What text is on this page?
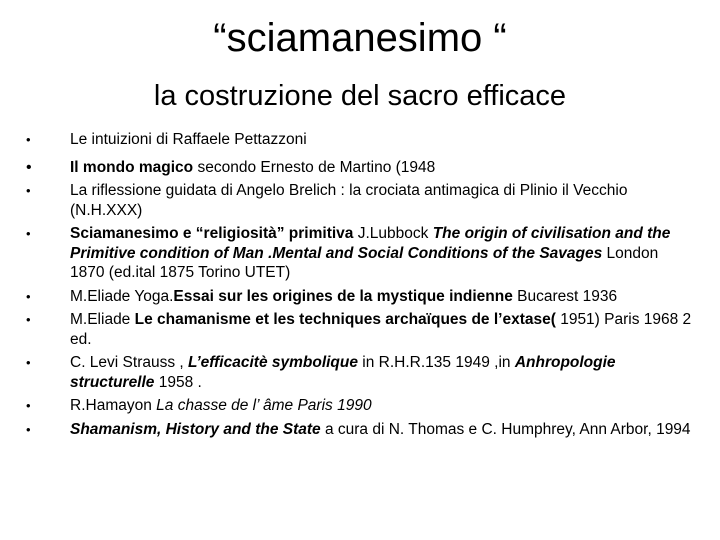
“sciamanesimo “
la costruzione del sacro efficace
•	Le intuizioni di Raffaele Pettazzoni
• Il mondo magico secondo Ernesto de Martino (1948
•	La riflessione guidata di Angelo Brelich : la crociata antimagica di Plinio il Vecchio (N.H.XXX)
•	Sciamanesimo e “religiosità” primitiva J.Lubbock The origin of civilisation and the Primitive condition of Man .Mental and Social Conditions of the Savages London 1870 (ed.ital 1875 Torino UTET)
•	M.Eliade Yoga.Essai sur les origines de la mystique indienne Bucarest 1936
•	M.Eliade Le chamanisme et les techniques archaïques de l’extase( 1951) Paris 1968 2 ed.
•	C. Levi Strauss , L’efficacitè symbolique in R.H.R.135 1949 ,in Anhropologie structurelle 1958 .
•	R.Hamayon La chasse de l’ âme Paris 1990
•	Shamanism, History and the State a cura di N. Thomas e C. Humphrey, Ann Arbor, 1994
